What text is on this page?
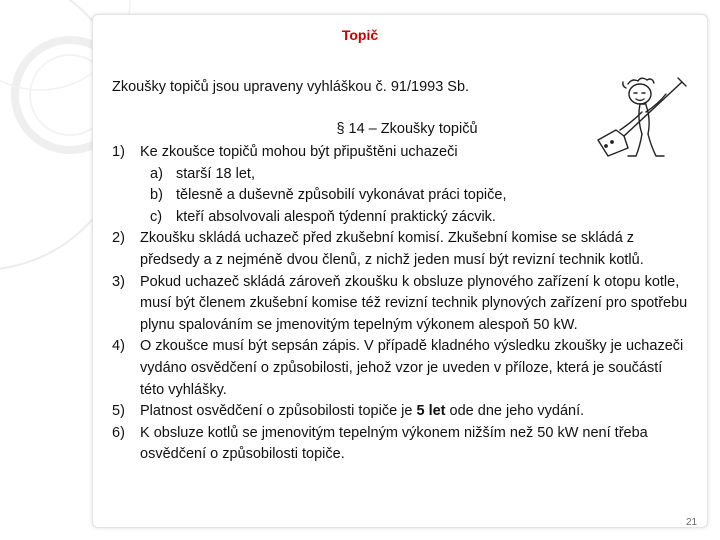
Topič
Zkoušky topičů jsou upraveny vyhláškou č. 91/1993 Sb.
§ 14 – Zkoušky topičů
1) Ke zkoušce topičů mohou být připuštěni uchazeči
a) starší 18 let,
b) tělesně a duševně způsobilí vykonávat práci topiče,
c) kteří absolvovali alespoň týdenní praktický zácvik.
2) Zkoušku skládá uchazeč před zkušební komisí. Zkušební komise se skládá z předsedy a z nejméně dvou členů, z nichž jeden musí být revizní technik kotlů.
3) Pokud uchazeč skládá zároveň zkoušku k obsluze plynového zařízení k otopu kotle, musí být členem zkušební komise též revizní technik plynových zařízení pro spotřebu plynu spalováním se jmenovitým tepelným výkonem alespoň 50 kW.
4) O zkoušce musí být sepsán zápis. V případě kladného výsledku zkoušky je uchazeči vydáno osvědčení o způsobilosti, jehož vzor je uveden v příloze, která je součástí této vyhlášky.
5) Platnost osvědčení o způsobilosti topiče je 5 let ode dne jeho vydání.
6) K obsluze kotlů se jmenovitým tepelným výkonem nižším než 50 kW není třeba osvědčení o způsobilosti topiče.
21
